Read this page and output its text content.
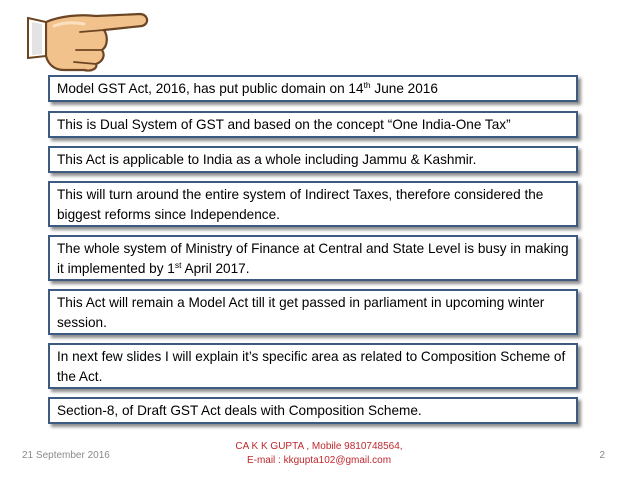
Model GST Act, 2016, has put public domain on 14th June 2016
This is Dual System of GST and based on the concept “One India-One Tax”
This Act is applicable to India as a whole including Jammu & Kashmir.
This will turn around the entire system of Indirect Taxes, therefore considered the biggest reforms since Independence.
The whole system of Ministry of Finance at Central and State Level is busy in making it implemented by 1st April 2017.
This Act will remain a Model Act till it get passed in parliament in upcoming winter session.
In next few slides I will explain it’s specific area as related to Composition Scheme of the Act.
Section-8, of Draft GST Act deals with Composition Scheme.
21 September 2016
CA K K GUPTA , Mobile 9810748564,
E-mail : kkgupta102@gmail.com	2
